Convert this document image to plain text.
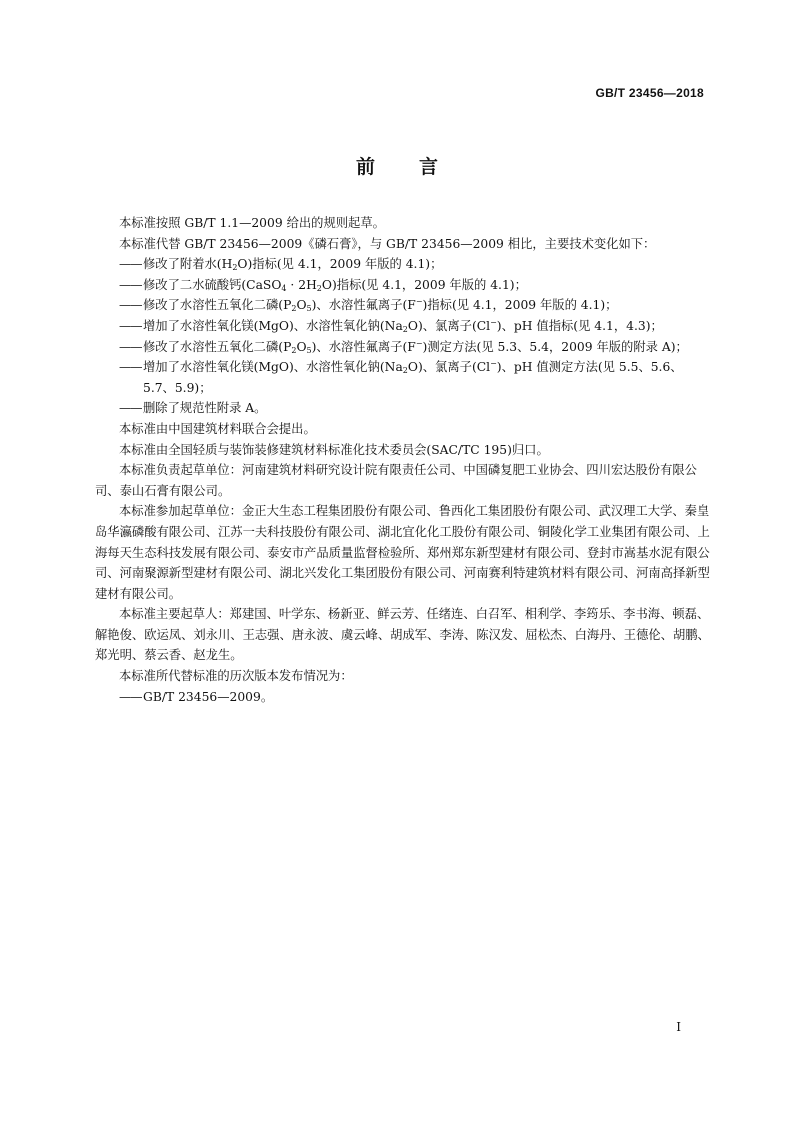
GB/T 23456—2018
前言

本标准按照 GB/T 1.1—2009 给出的规则起草。

本标准代替 GB/T 23456—2009《磷石膏》，与 GB/T 23456—2009 相比，主要技术变化如下：

——修改了附着水$(H_2O)$指标(见 4.1，2009 年版的 4.1)；

——修改了二水硫酸钙(CaSO$_4$ · $2H_2O$)指标(见 4.1，2009 年版的 4.1)；

——修改了水溶性五氧化二磷$(P_2O_5)$、水溶性氟离子(F−)指标(见 4.1，2009 年版的 4.1)；

——增加了水溶性氧化镁(MgO)、水溶性氧化钠$(Na_2O)$、氯离子(Cl−)、pH 值指标(见 4.1，4.3)；

——修改了水溶性五氧化二磷$(P_2O_5)$、水溶性氟离子(F−)测定方法(见 5.3、5.4，2009 年版的附录 A)；

——增加了水溶性氧化镁(MgO)、水溶性氧化钠$(Na_2O)$、氯离子(Cl−)、pH 值测定方法(见 5.5、5.6、5.7、5.9)；

——删除了规范性附录 A。

本标准由中国建筑材料联合会提出。

本标准由全国轻质与装饰装修建筑材料标准化技术委员会(SAC/TC 195)归口。

本标准负责起草单位：河南建筑材料研究设计院有限责任公司、中国磷复肥工业协会、四川宏达股份有限公司、泰山石膏有限公司。

本标准参加起草单位：金正大生态工程集团股份有限公司、鲁西化工集团股份有限公司、武汉理工大学、秦皇岛华瀛磷酸有限公司、江苏一夫科技股份有限公司、湖北宜化化工股份有限公司、铜陵化学工业集团有限公司、上海每天生态科技发展有限公司、泰安市产品质量监督检验所、郑州郑东新型建材有限公司、登封市嵩基水泥有限公司、河南聚源新型建材有限公司、湖北兴发化工集团股份有限公司、河南赛利特建筑材料有限公司、河南高择新型建材有限公司。

本标准主要起草人：郑建国、叶学东、杨新亚、鲜云芳、任绪连、白召军、相利学、李筠乐、李书海、顿磊、解艳俊、欧运凤、刘永川、王志强、唐永波、虞云峰、胡成军、李涛、陈汉发、屈松杰、白海丹、王德伦、胡鹏、郑光明、蔡云香、赵龙生。

本标准所代替标准的历次版本发布情况为：

——GB/T 23456—2009。

I
